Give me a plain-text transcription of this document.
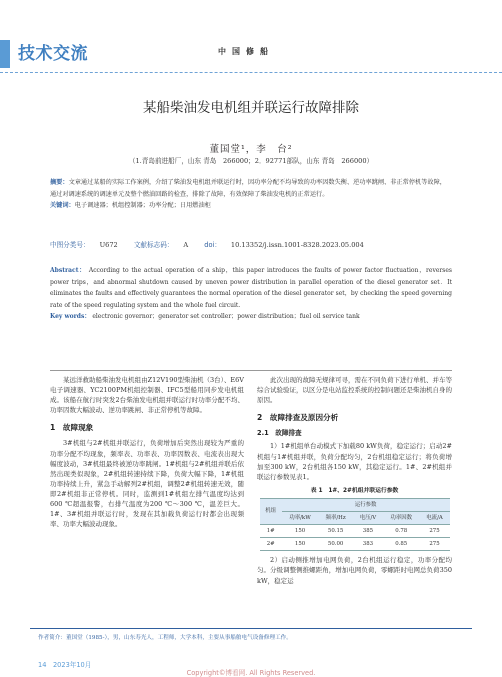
技术交流	中国修船
某船柴油发电机组并联运行故障排除
董国堂¹，李　台²
（1.青岛前进船厂，山东 青岛　266000；2．92771部队，山东 青岛　266000）
摘要：文章通过某船的实际工作案例，介绍了柴油发电机组并联运行时，因功率分配不均导致的功率因数失衡、逆功率跳闸、非正常停机等故障，通过对调速系统的调速单元及整个燃油回路的检查，排除了故障，有效保障了柴油发电机的正常运行。
关键词：电子调速器；机组控制器；功率分配；日用燃油柜
中图分类号： U672 文献标志码： A doi： 10.13352/j.issn.1001-8328.2023.05.004
Abstract： According to the actual operation of a ship，this paper introduces the faults of power factor fluctuation，reverses power trips，and abnormal shutdown caused by uneven power distribution in parallel operation of the diesel generator set．It eliminates the faults and effectively guarantees the normal operation of the diesel generator set，by checking the speed governing rate of the speed regulating system and the whole fuel circuit.
Key words： electronic governor；generator set controller；power distribution；fuel oil service tank
某远洋救助船柴油发电机组由Z12V190型柴油机（3台）、E6V电子调速器、YC2100PM机组控制器、IFC5型船用同步发电机组成。该船在航行时突发2台柴油发电机组并联运行时功率分配不均、功率因数大幅波动、逆功率跳闸、非正常停机等故障。
1　故障现象
3#机组与2#机组并联运行，负荷增加后突然出现较为严重的功率分配不均现象，频率表、功率表、功率因数表、电流表出现大幅度波动，3#机组最终被逆功率跳闸。1#机组与2#机组并联后依然出现类似现象，2#机组转速持续下降，负荷大幅下降，1#机组功率持续上升，紧急手动解列2#机组，调整2#机组转速无效，随即2#机组非正常停机。同时，监测到1#机组左排气温度均达到600 ℃超温报警，右排气温度为200 ℃～300 ℃，温差巨大。1#、3#机组并联运行时，发现在其加载负荷运行时都会出现频率、功率大幅波动现象。
此次出现的故障无规律可寻，需在不同负荷下进行单机、并车等综合试验验证，以区分是电站监控系统的控制问题还是柴油机自身的原因。
2　故障排查及原因分析
2.1　故障排查
1）1#机组单台动模式下加载80 kW负荷，稳定运行；启动2#机组与1#机组并联，负荷分配均匀，2台机组稳定运行；将负荷增加至300 kW，2台机组各150 kW，其稳定运行。1#、2#机组并联运行参数见表1。
表 1　1#、2#机组并联运行参数
机组	运行参数				
	功率/kW	频率/Hz	电压/V	功率因数	电流/A
1#	150	50.15	385	0.78	275
2#	150	50.00	383	0.85	275
2）启动侧推增加电网负荷，2台机组运行稳定，功率分配均匀。分级调整侧推螺距角，增加电网负荷，零螺距时电网总负荷350 kW，稳定运
作者简介：董国堂（1985-），男，山东寿光人，工程师，大学本科，主要从事船舶电气设备修理工作。
14　2023年10月
Copyright©博看网. All Rights Reserved.
